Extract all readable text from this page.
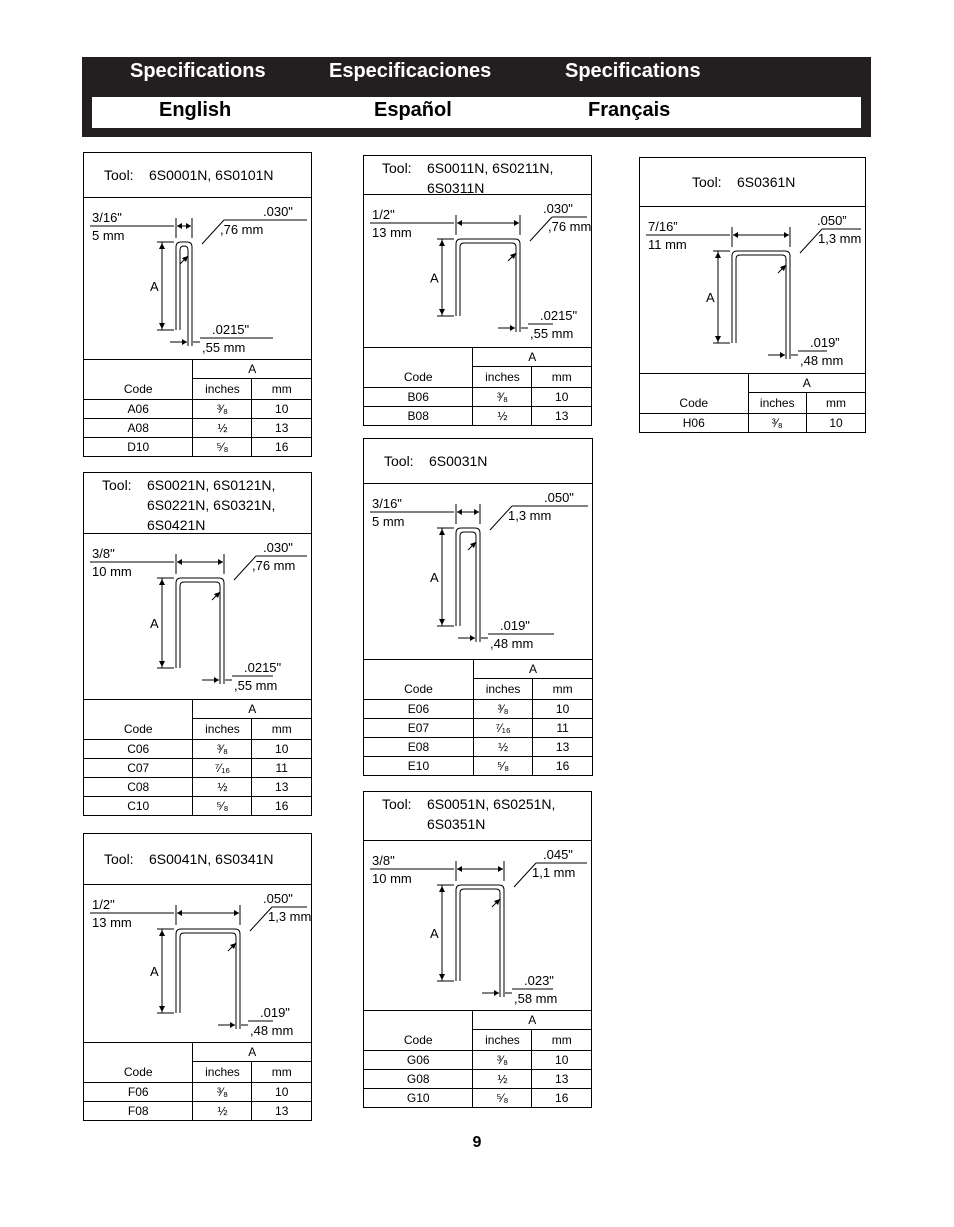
Specifications	Especificaciones	Specifications
English	Español	Français
Tool: 6S0001N, 6S0101N
3/16"
5 mm
A
.030"
,76 mm
.0215"
,55 mm
	A	
Code	inches	mm
A06	³⁄₈	10
A08	½	13
D10	⁵⁄₈	16
Tool: 6S0021N, 6S0121N,
6S0221N, 6S0321N,
6S0421N
3/8"
10 mm
A
.030"
,76 mm
.0215"
,55 mm
	A	
Code	inches	mm
C06	³⁄₈	10
C07	⁷⁄₁₆	11
C08	½	13
C10	⁵⁄₈	16
Tool: 6S0041N, 6S0341N
1/2"
13 mm
A
.050"
1,3 mm
.019"
,48 mm
	A	
Code	inches	mm
F06	³⁄₈	10
F08	½	13
Tool: 6S0011N, 6S0211N,
6S0311N
1/2"
13 mm
A
.030"
,76 mm
.0215"
,55 mm
	A	
Code	inches	mm
B06	³⁄₈	10
B08	½	13
Tool: 6S0031N
3/16"
5 mm
A
.050"
1,3 mm
.019"
,48 mm
	A	
Code	inches	mm
E06	³⁄₈	10
E07	⁷⁄₁₆	11
E08	½	13
E10	⁵⁄₈	16
Tool: 6S0051N, 6S0251N,
6S0351N
3/8"
10 mm
A
.045"
1,1 mm
.023"
,58 mm
	A	
Code	inches	mm
G06	³⁄₈	10
G08	½	13
G10	⁵⁄₈	16
Tool: 6S0361N
7/16”
11 mm
A
.050”
1,3 mm
.019”
,48 mm
	A	
Code	inches	mm
H06	³⁄₈	10
9
